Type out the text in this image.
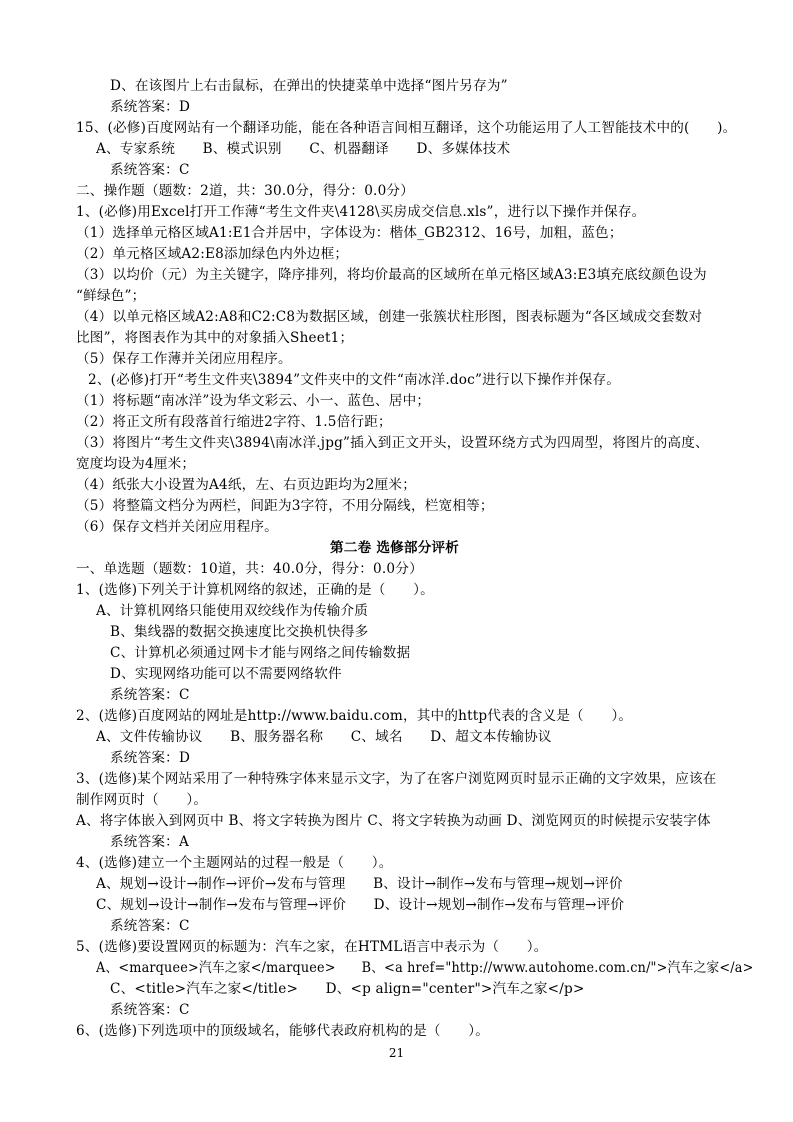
D、在该图片上右击鼠标，在弹出的快捷菜单中选择“图片另存为”
系统答案：D
15、(必修)百度网站有一个翻译功能，能在各种语言间相互翻译，这个功能运用了人工智能技术中的(　　)。
A、专家系统　　B、模式识别　　C、机器翻译　　D、多媒体技术
系统答案：C
二、操作题（题数：2道，共：30.0分，得分：0.0分）
1、(必修)用Excel打开工作薄“考生文件夹\4128\买房成交信息.xls”，进行以下操作并保存。
（1）选择单元格区域A1:E1合并居中，字体设为：楷体_GB2312、16号，加粗，蓝色；
（2）单元格区域A2:E8添加绿色内外边框；
（3）以均价（元）为主关键字，降序排列，将均价最高的区域所在单元格区域A3:E3填充底纹颜色设为
“鲜绿色”；
（4）以单元格区域A2:A8和C2:C8为数据区域，创建一张簇状柱形图，图表标题为“各区域成交套数对
比图”，将图表作为其中的对象插入Sheet1；
（5）保存工作薄并关闭应用程序。
2、(必修)打开“考生文件夹\3894”文件夹中的文件“南冰洋.doc”进行以下操作并保存。
（1）将标题“南冰洋”设为华文彩云、小一、蓝色、居中；
（2）将正文所有段落首行缩进2字符、1.5倍行距；
（3）将图片“考生文件夹\3894\南冰洋.jpg”插入到正文开头，设置环绕方式为四周型，将图片的高度、
宽度均设为4厘米；
（4）纸张大小设置为A4纸，左、右页边距均为2厘米；
（5）将整篇文档分为两栏，间距为3字符，不用分隔线，栏宽相等；
（6）保存文档并关闭应用程序。
第二卷 选修部分评析
一、单选题（题数：10道，共：40.0分，得分：0.0分）
1、(选修)下列关于计算机网络的叙述，正确的是（　　）。
A、计算机网络只能使用双绞线作为传输介质
B、集线器的数据交换速度比交换机快得多
C、计算机必须通过网卡才能与网络之间传输数据
D、实现网络功能可以不需要网络软件
系统答案：C
2、(选修)百度网站的网址是http://www.baidu.com，其中的http代表的含义是（　　）。
A、文件传输协议　　B、服务器名称　　C、域名　　D、超文本传输协议
系统答案：D
3、(选修)某个网站采用了一种特殊字体来显示文字，为了在客户浏览网页时显示正确的文字效果，应该在
制作网页时（　　）。
A、将字体嵌入到网页中 B、将文字转换为图片 C、将文字转换为动画 D、浏览网页的时候提示安装字体
系统答案：A
4、(选修)建立一个主题网站的过程一般是（　　）。
A、规划→设计→制作→评价→发布与管理　　B、设计→制作→发布与管理→规划→评价
C、规划→设计→制作→发布与管理→评价　　D、设计→规划→制作→发布与管理→评价
系统答案：C
5、(选修)要设置网页的标题为：汽车之家，在HTML语言中表示为（　　）。
A、<marquee>汽车之家</marquee>　　B、<a href="http://www.autohome.com.cn/">汽车之家</a>
C、<title>汽车之家</title>　　D、<p align="center">汽车之家</p>
系统答案：C
6、(选修)下列选项中的顶级域名，能够代表政府机构的是（　　）。
21
